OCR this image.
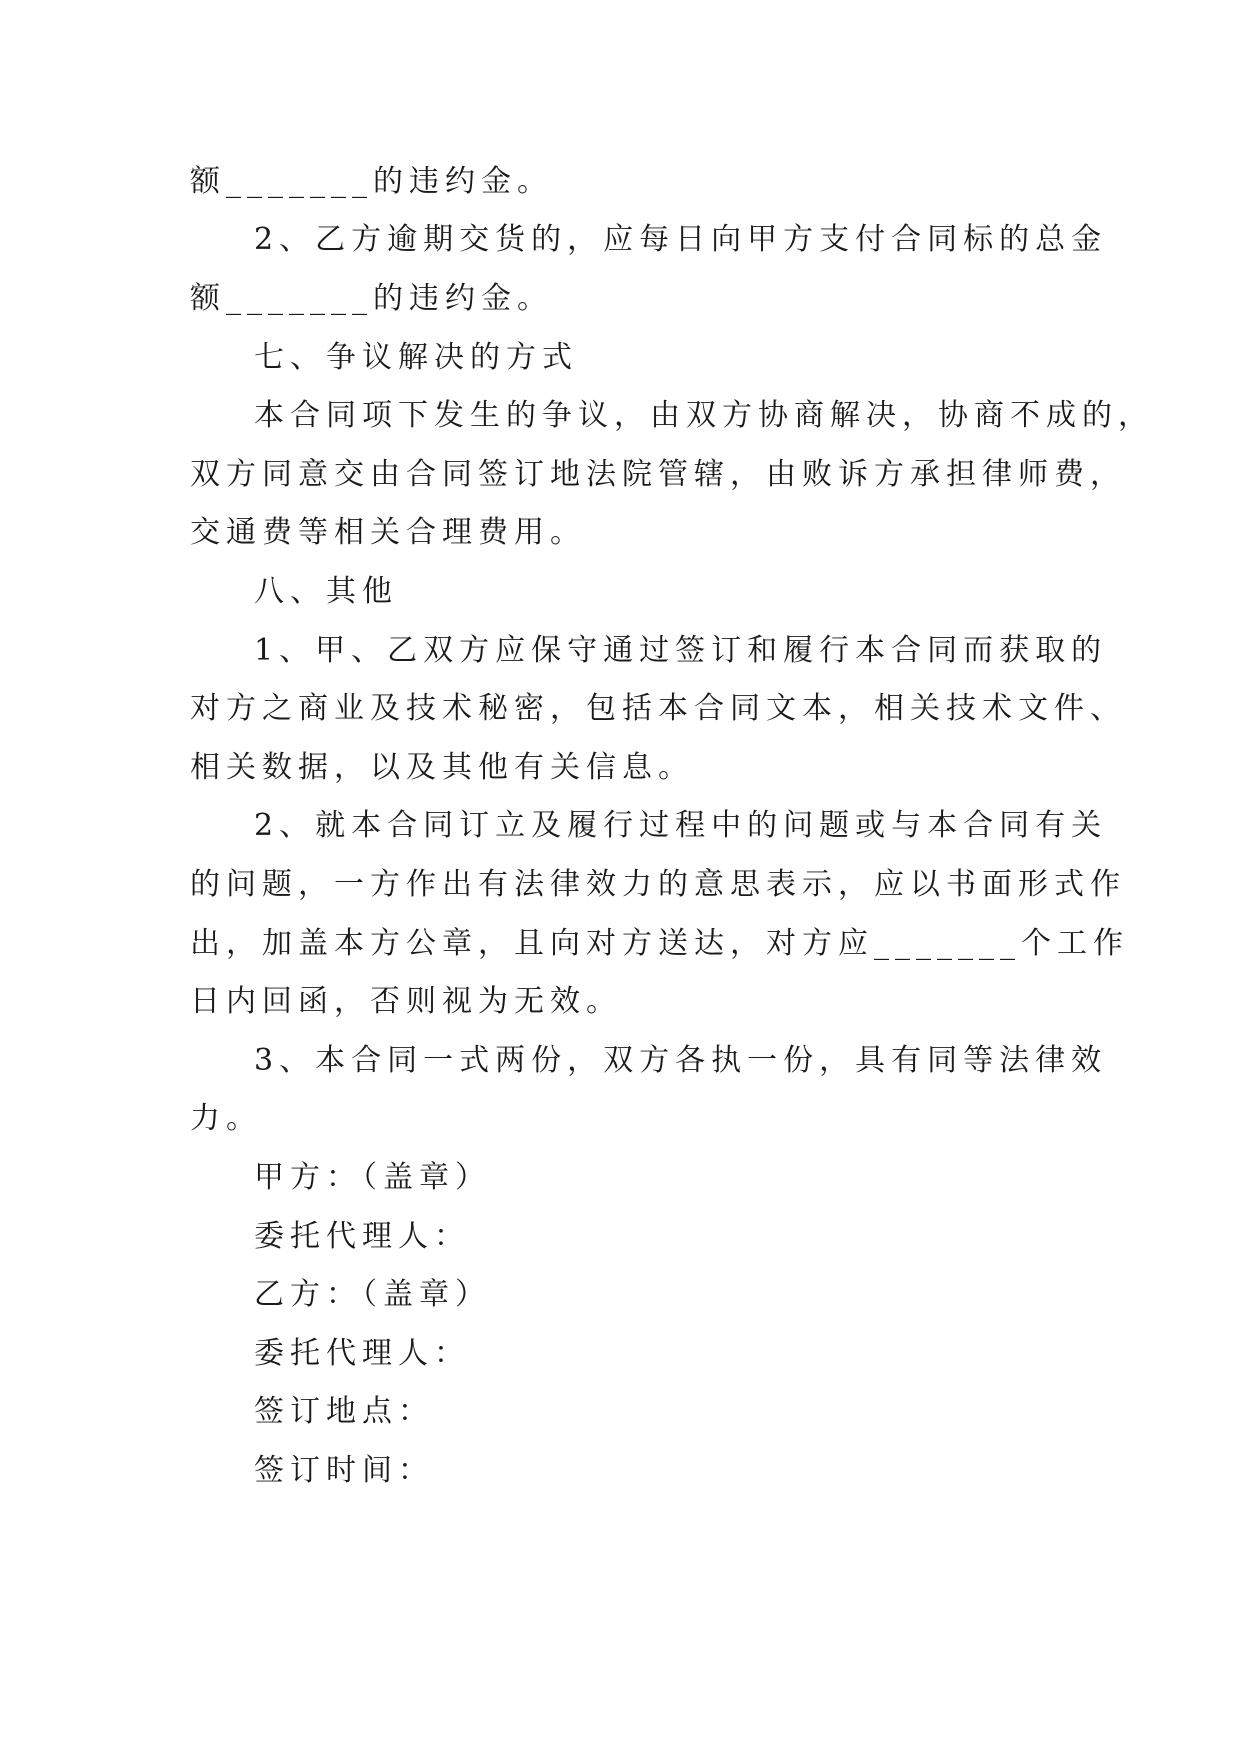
额_______的违约金。
2、乙方逾期交货的，应每日向甲方支付合同标的总金
额_______的违约金。
七、争议解决的方式
本合同项下发生的争议，由双方协商解决，协商不成的，
双方同意交由合同签订地法院管辖，由败诉方承担律师费，
交通费等相关合理费用。
八、其他
1、甲、乙双方应保守通过签订和履行本合同而获取的
对方之商业及技术秘密，包括本合同文本，相关技术文件、
相关数据，以及其他有关信息。
2、就本合同订立及履行过程中的问题或与本合同有关
的问题，一方作出有法律效力的意思表示，应以书面形式作
出，加盖本方公章，且向对方送达，对方应_______个工作
日内回函，否则视为无效。
3、本合同一式两份，双方各执一份，具有同等法律效
力。
甲方：（盖章）
委托代理人：
乙方：（盖章）
委托代理人：
签订地点：
签订时间：
